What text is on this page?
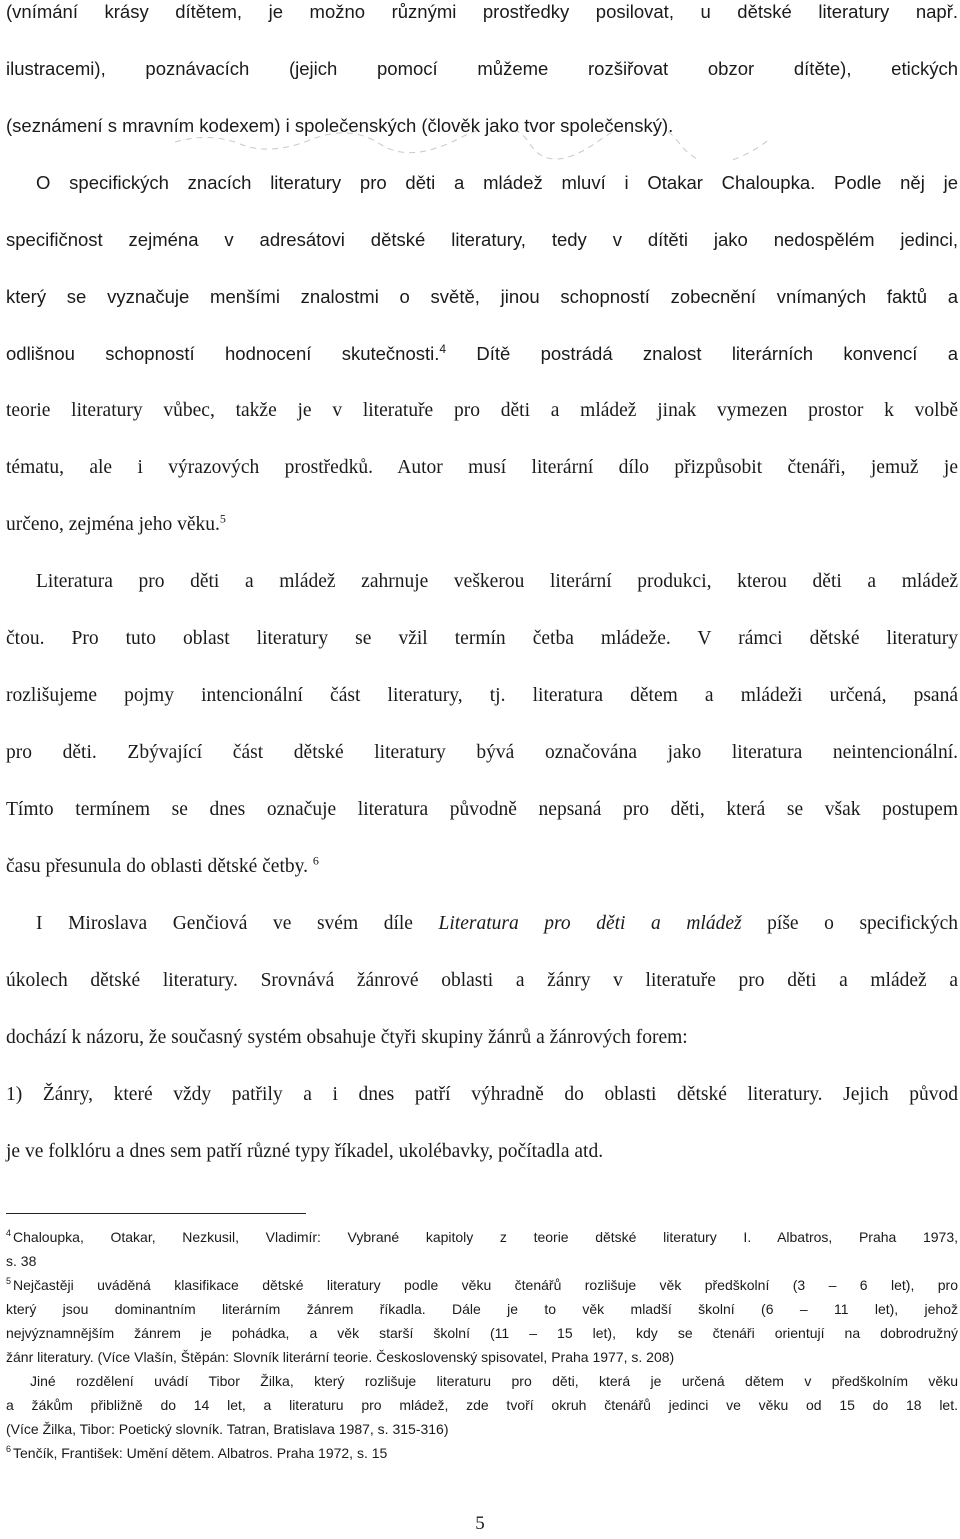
(vnímání krásy dítětem, je možno různými prostředky posilovat, u dětské literatury např.

ilustracemi), poznávacích (jejich pomocí můžeme rozšiřovat obzor dítěte), etických

(seznámení s mravním kodexem) i společenských (člověk jako tvor společenský).

O specifických znacích literatury pro děti a mládež mluví i Otakar Chaloupka. Podle něj je

specifičnost zejména v adresátovi dětské literatury, tedy v dítěti jako nedospělém jedinci,

který se vyznačuje menšími znalostmi o světě, jinou schopností zobecnění vnímaných faktů a

odlišnou schopností hodnocení skutečnosti.$^4$ Dítě postrádá znalost literárních konvencí a

teorie literatury vůbec, takže je v literatuře pro děti a mládež jinak vymezen prostor k volbě

tématu, ale i výrazových prostředků. Autor musí literární dílo přizpůsobit čtenáři, jemuž je

určeno, zejména jeho věku.$^5$

Literatura pro děti a mládež zahrnuje veškerou literární produkci, kterou děti a mládež

čtou. Pro tuto oblast literatury se vžil termín četba mládeže. V rámci dětské literatury

rozlišujeme pojmy intencionální část literatury, tj. literatura dětem a mládeži určená, psaná

pro děti. Zbývající část dětské literatury bývá označována jako literatura neintencionální.

Tímto termínem se dnes označuje literatura původně nepsaná pro děti, která se však postupem

času přesunula do oblasti dětské četby. $^6$

I Miroslava Genčiová ve svém díle Literatura pro děti a mládež píše o specifických

úkolech dětské literatury. Srovnává žánrové oblasti a žánry v literatuře pro děti a mládež a

dochází k názoru, že současný systém obsahuje čtyři skupiny žánrů a žánrových forem:

1) Žánry, které vždy patřily a i dnes patří výhradně do oblasti dětské literatury. Jejich původ

je ve folklóru a dnes sem patří různé typy říkadel, ukolébavky, počítadla atd.

$^4$ Chaloupka, Otakar, Nezkusil, Vladimír: Vybrané kapitoly z teorie dětské literatury I. Albatros, Praha 1973,

s. 38

$^5$ Nejčastěji uváděná klasifikace dětské literatury podle věku čtenářů rozlišuje věk předškolní (3 – 6 let), pro

který jsou dominantním literárním žánrem říkadla. Dále je to věk mladší školní (6 – 11 let), jehož

nejvýznamnějším žánrem je pohádka, a věk starší školní (11 – 15 let), kdy se čtenáři orientují na dobrodružný

žánr literatury. (Více Vlašín, Štěpán: Slovník literární teorie. Československý spisovatel, Praha 1977, s. 208)

Jiné rozdělení uvádí Tibor Žilka, který rozlišuje literaturu pro děti, která je určená dětem v předškolním věku

a žákům přibližně do 14 let, a literaturu pro mládež, zde tvoří okruh čtenářů jedinci ve věku od 15 do 18 let.

(Více Žilka, Tibor: Poetický slovník. Tatran, Bratislava 1987, s. 315-316)

$^6$ Tenčík, František: Umění dětem. Albatros. Praha 1972, s. 15

5
